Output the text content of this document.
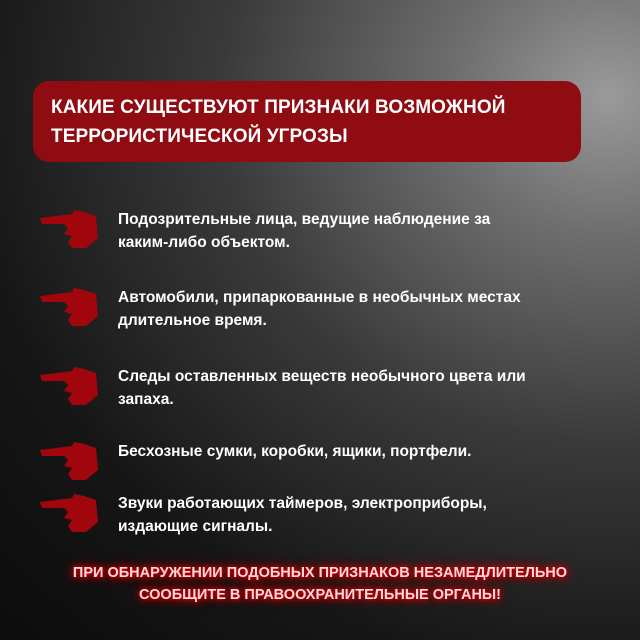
КАКИЕ СУЩЕСТВУЮТ ПРИЗНАКИ ВОЗМОЖНОЙ
ТЕРРОРИСТИЧЕСКОЙ УГРОЗЫ
Подозрительные лица, ведущие наблюдение за
каким-либо объектом.
Автомобили, припаркованные в необычных местах
длительное время.
Следы оставленных веществ необычного цвета или
запаха.
Бесхозные сумки, коробки, ящики, портфели.
Звуки работающих таймеров, электроприборы,
издающие сигналы.
ПРИ ОБНАРУЖЕНИИ ПОДОБНЫХ ПРИЗНАКОВ НЕЗАМЕДЛИТЕЛЬНО
СООБЩИТЕ В ПРАВООХРАНИТЕЛЬНЫЕ ОРГАНЫ!
